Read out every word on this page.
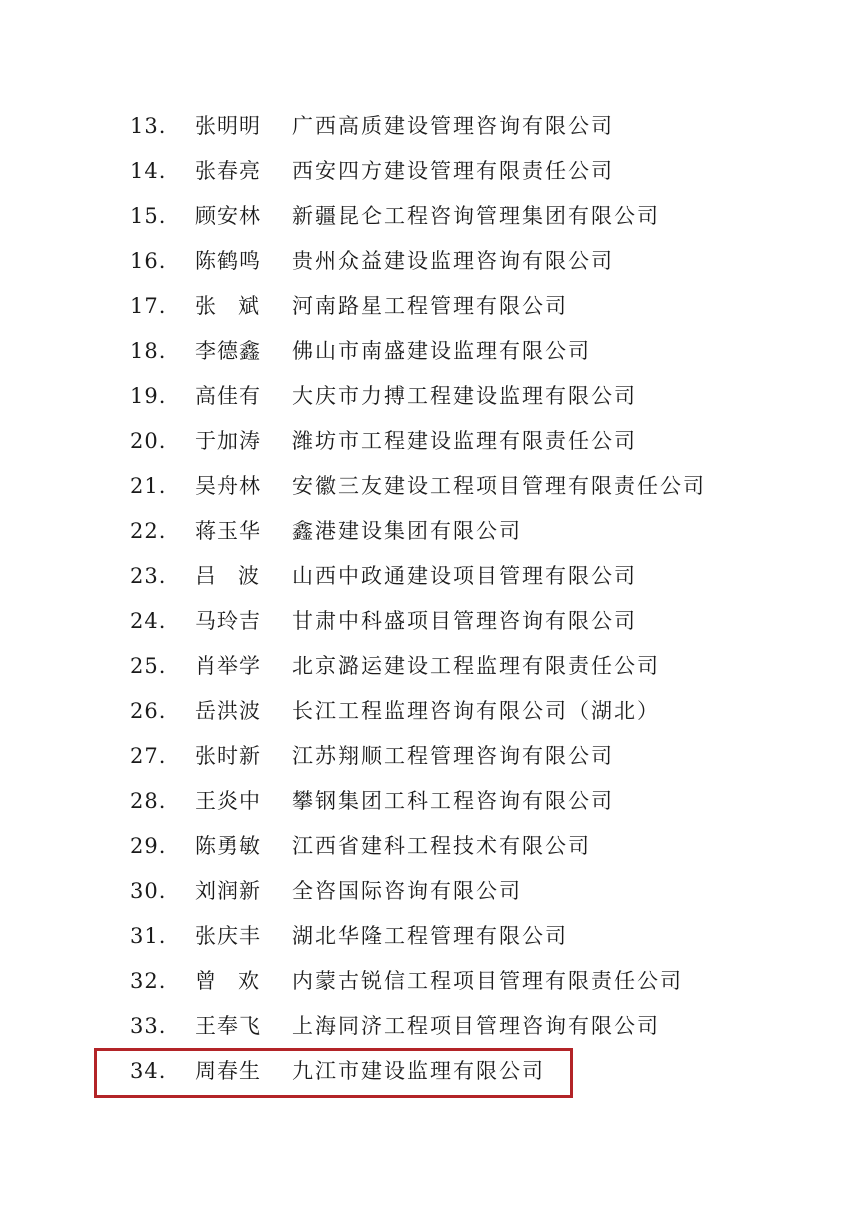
13. 张明明 广西高质建设管理咨询有限公司
14. 张春亮 西安四方建设管理有限责任公司
15. 顾安林 新疆昆仑工程咨询管理集团有限公司
16. 陈鹤鸣 贵州众益建设监理咨询有限公司
17. 张斌 河南路星工程管理有限公司
18. 李德鑫 佛山市南盛建设监理有限公司
19. 高佳有 大庆市力搏工程建设监理有限公司
20. 于加涛 潍坊市工程建设监理有限责任公司
21. 吴舟林 安徽三友建设工程项目管理有限责任公司
22. 蒋玉华 鑫港建设集团有限公司
23. 吕波 山西中政通建设项目管理有限公司
24. 马玲吉 甘肃中科盛项目管理咨询有限公司
25. 肖举学 北京潞运建设工程监理有限责任公司
26. 岳洪波 长江工程监理咨询有限公司（湖北）
27. 张时新 江苏翔顺工程管理咨询有限公司
28. 王炎中 攀钢集团工科工程咨询有限公司
29. 陈勇敏 江西省建科工程技术有限公司
30. 刘润新 全咨国际咨询有限公司
31. 张庆丰 湖北华隆工程管理有限公司
32. 曾欢 内蒙古锐信工程项目管理有限责任公司
33. 王奉飞 上海同济工程项目管理咨询有限公司
34. 周春生 九江市建设监理有限公司
